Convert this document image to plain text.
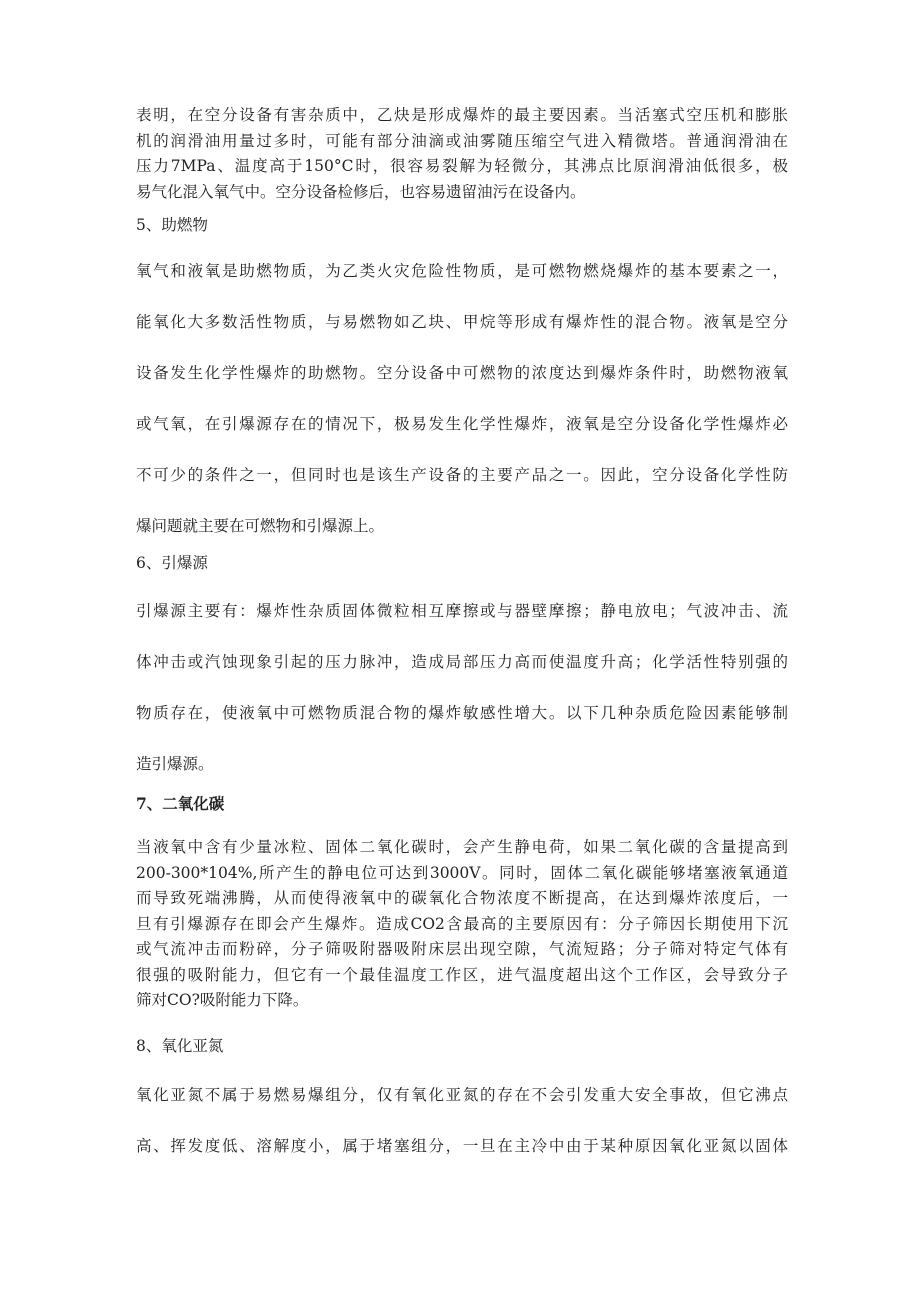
表明，在空分设备有害杂质中，乙炔是形成爆炸的最主要因素。当活塞式空压机和膨胀
机的润滑油用量过多时，可能有部分油滴或油雾随压缩空气进入精微塔。普通润滑油在
压力7MPa、温度高于150°C时，很容易裂解为轻微分，其沸点比原润滑油低很多，极
易气化混入氧气中。空分设备检修后，也容易遗留油污在设备内。
5、助燃物
氧气和液氧是助燃物质，为乙类火灾危险性物质，是可燃物燃烧爆炸的基本要素之一，
能氧化大多数活性物质，与易燃物如乙块、甲烷等形成有爆炸性的混合物。液氧是空分
设备发生化学性爆炸的助燃物。空分设备中可燃物的浓度达到爆炸条件时，助燃物液氧
或气氧，在引爆源存在的情况下，极易发生化学性爆炸，液氧是空分设备化学性爆炸必
不可少的条件之一，但同时也是该生产设备的主要产品之一。因此，空分设备化学性防
爆问题就主要在可燃物和引爆源上。
6、引爆源
引爆源主要有：爆炸性杂质固体微粒相互摩擦或与器壁摩擦；静电放电；气波冲击、流
体冲击或汽蚀现象引起的压力脉冲，造成局部压力高而使温度升高；化学活性特别强的
物质存在，使液氧中可燃物质混合物的爆炸敏感性增大。以下几种杂质危险因素能够制
造引爆源。
7、二氧化碳
当液氧中含有少量冰粒、固体二氧化碳时，会产生静电荷，如果二氧化碳的含量提高到
200-300*104%,所产生的静电位可达到3000V。同时，固体二氧化碳能够堵塞液氧通道
而导致死端沸腾，从而使得液氧中的碳氧化合物浓度不断提高，在达到爆炸浓度后，一
旦有引爆源存在即会产生爆炸。造成CO2含最高的主要原因有：分子筛因长期使用下沉
或气流冲击而粉碎，分子筛吸附器吸附床层出现空隙，气流短路；分子筛对特定气体有
很强的吸附能力，但它有一个最佳温度工作区，进气温度超出这个工作区，会导致分子
筛对CO?吸附能力下降。
8、氧化亚氮
氧化亚氮不属于易燃易爆组分，仅有氧化亚氮的存在不会引发重大安全事故，但它沸点
高、挥发度低、溶解度小，属于堵塞组分，一旦在主冷中由于某种原因氧化亚氮以固体
